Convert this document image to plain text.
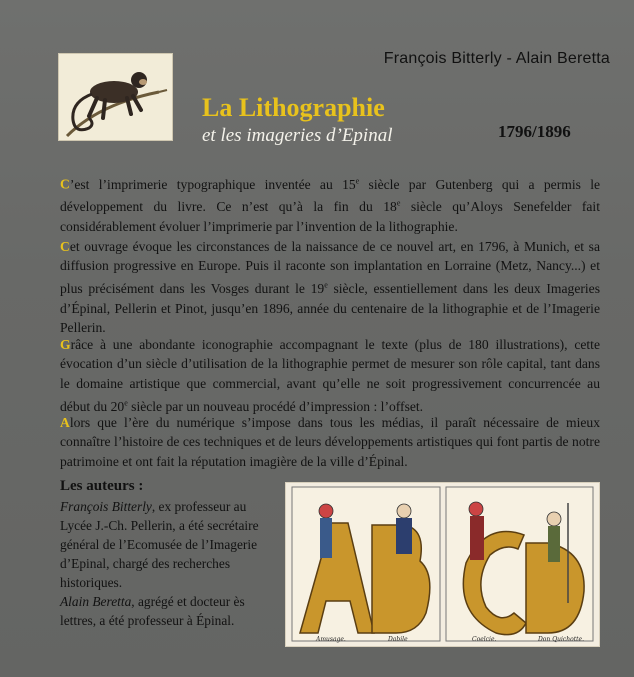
François Bitterly - Alain Beretta
La Lithographie
et les imageries d’Epinal	1796/1896

C’est l’imprimerie typographique inventée au 15e siècle par Gutenberg qui a permis le développement du livre. Ce n’est qu’à la fin du 18e siècle qu’Aloys Senefelder fait considérablement évoluer l’imprimerie par l’invention de la lithographie.

Cet ouvrage évoque les circonstances de la naissance de ce nouvel art, en 1796, à Munich, et sa diffusion progressive en Europe. Puis il raconte son implantation en Lorraine (Metz, Nancy...) et plus précisément dans les Vosges durant le 19e siècle, essentiellement dans les deux Imageries d’Épinal, Pellerin et Pinot, jusqu’en 1896, année du centenaire de la lithographie et de l’Imagerie Pellerin.

Grâce à une abondante iconographie accompagnant le texte (plus de 180 illustrations), cette évocation d’un siècle d’utilisation de la lithographie permet de mesurer son rôle capital, tant dans le domaine artistique que commercial, avant qu’elle ne soit progressivement concurrencée au début du 20e siècle par un nouveau procédé d’impression : l’offset.

Alors que l’ère du numérique s’impose dans tous les médias, il paraît nécessaire de mieux connaître l’histoire de ces techniques et de leurs développements artistiques qui font partis de notre patrimoine et ont fait la réputation imagière de la ville d’Épinal.

Les auteurs :
François Bitterly, ex professeur au Lycée J.-Ch. Pellerin, a été secrétaire général de l’Ecomusée de l’Imagerie d’Epinal, chargé des recherches historiques.
Alain Beretta, agrégé et docteur ès lettres, a été professeur à Épinal.
Amusage.	Dabile	Coelcie.	Don Quichotte.
